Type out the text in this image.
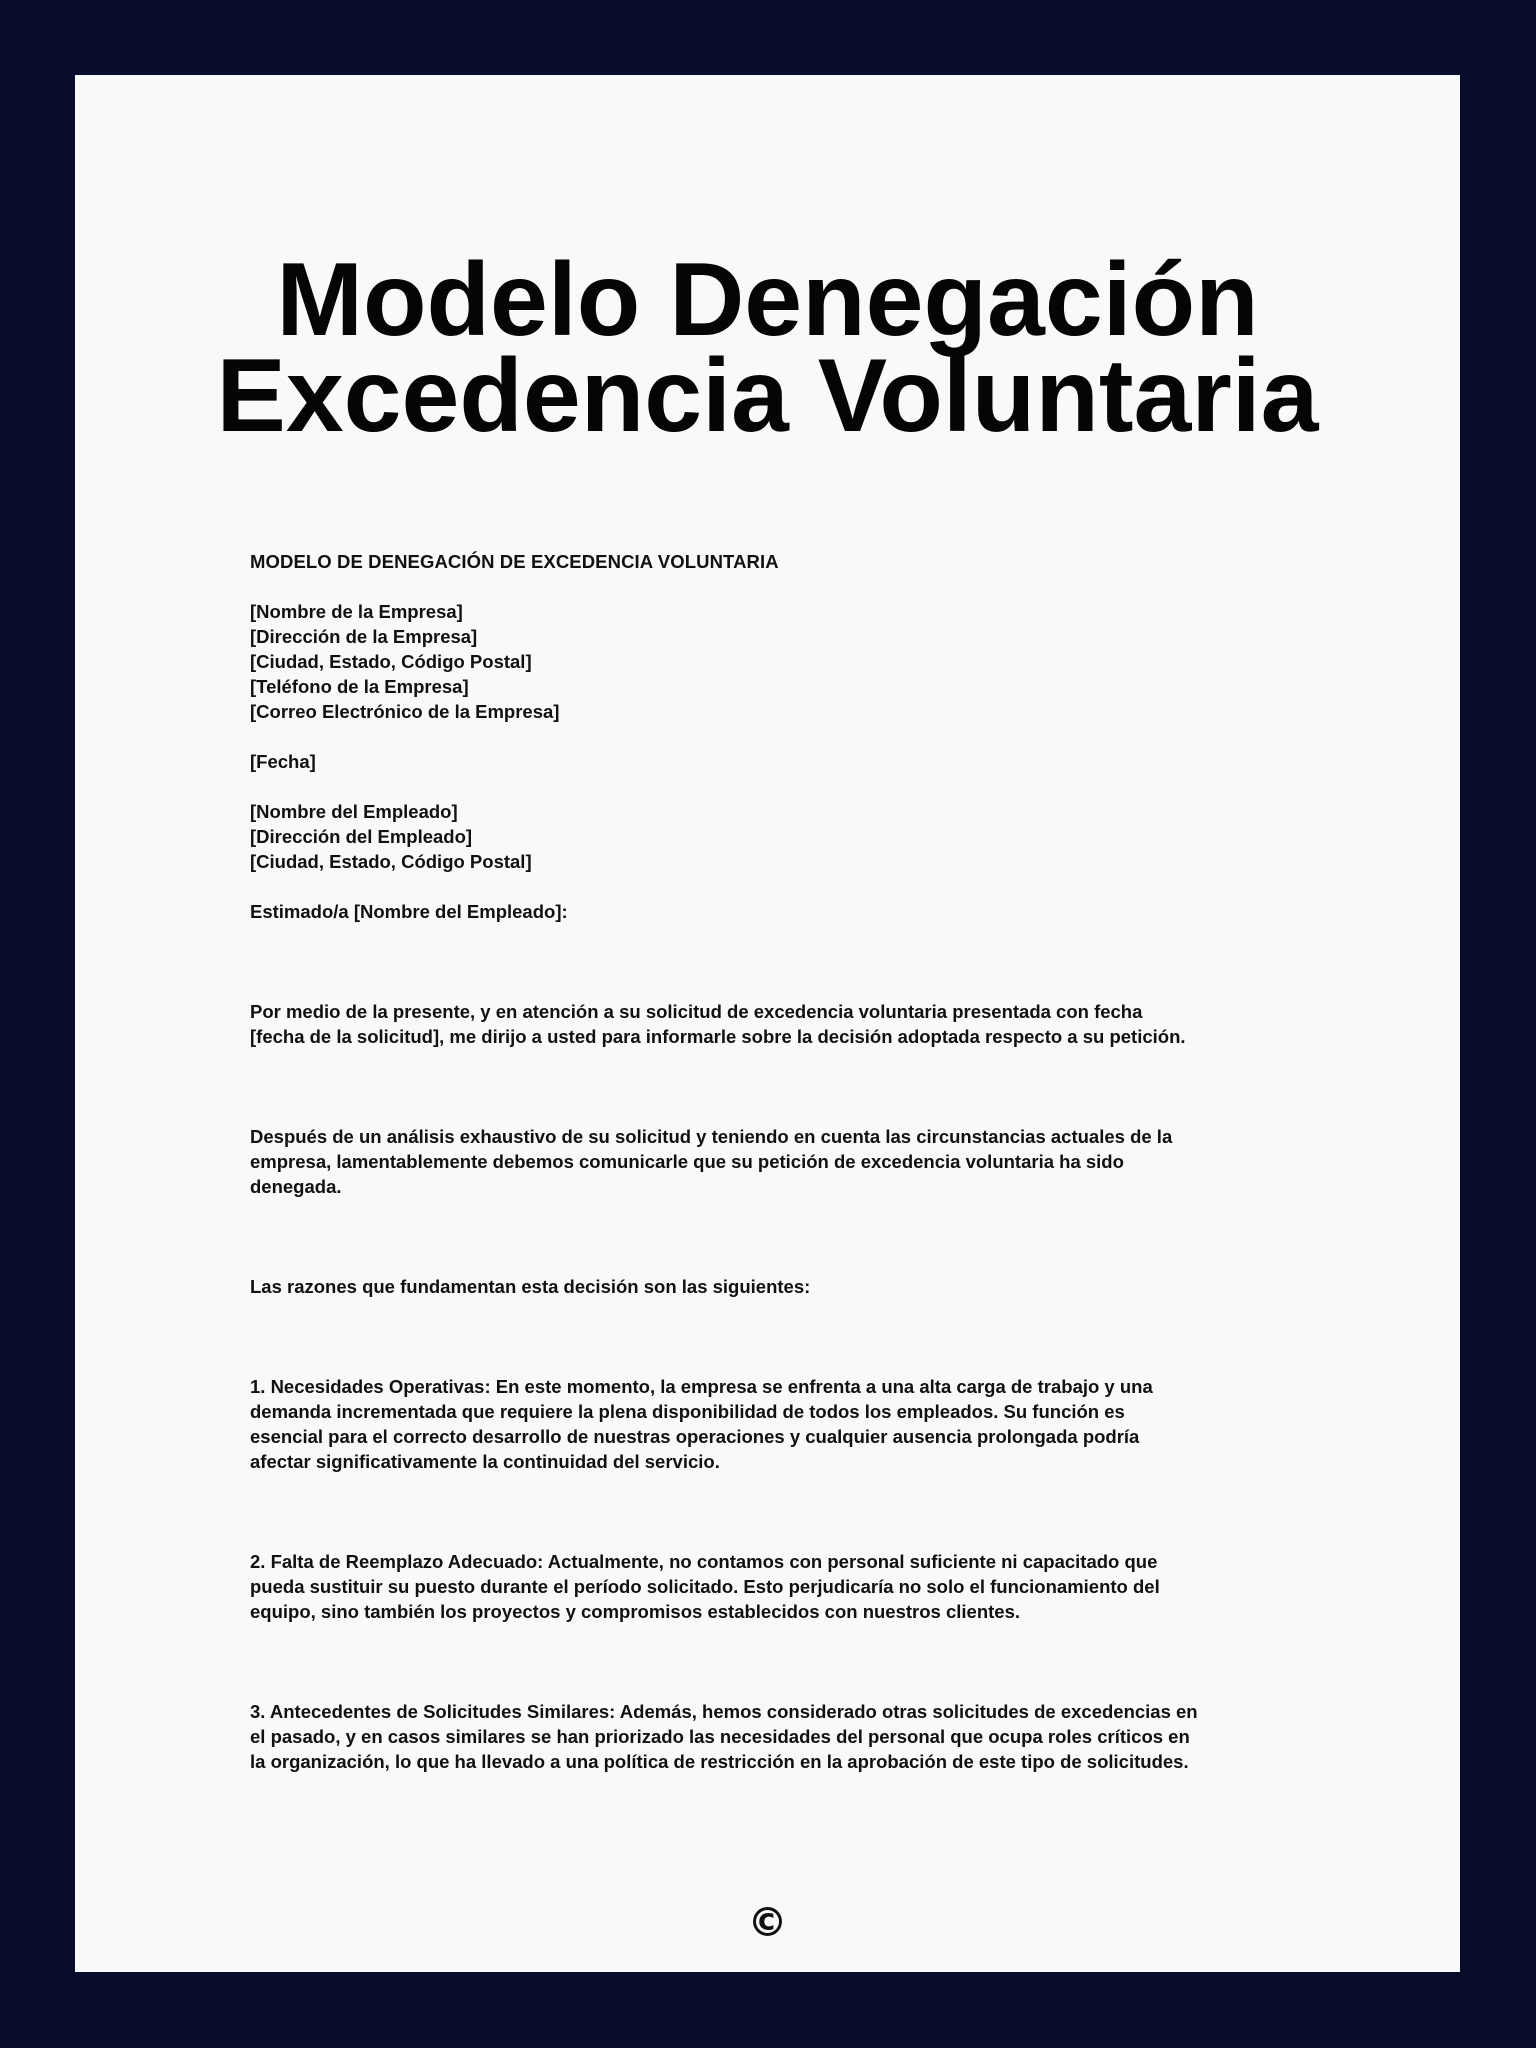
Modelo Denegación
Excedencia Voluntaria
MODELO DE DENEGACIÓN DE EXCEDENCIA VOLUNTARIA
[Nombre de la Empresa]
[Dirección de la Empresa]
[Ciudad, Estado, Código Postal]
[Teléfono de la Empresa]
[Correo Electrónico de la Empresa]
[Fecha]
[Nombre del Empleado]
[Dirección del Empleado]
[Ciudad, Estado, Código Postal]
Estimado/a [Nombre del Empleado]:
Por medio de la presente, y en atención a su solicitud de excedencia voluntaria presentada con fecha
[fecha de la solicitud], me dirijo a usted para informarle sobre la decisión adoptada respecto a su petición.
Después de un análisis exhaustivo de su solicitud y teniendo en cuenta las circunstancias actuales de la
empresa, lamentablemente debemos comunicarle que su petición de excedencia voluntaria ha sido
denegada.
Las razones que fundamentan esta decisión son las siguientes:
1. Necesidades Operativas: En este momento, la empresa se enfrenta a una alta carga de trabajo y una
demanda incrementada que requiere la plena disponibilidad de todos los empleados. Su función es
esencial para el correcto desarrollo de nuestras operaciones y cualquier ausencia prolongada podría
afectar significativamente la continuidad del servicio.
2. Falta de Reemplazo Adecuado: Actualmente, no contamos con personal suficiente ni capacitado que
pueda sustituir su puesto durante el período solicitado. Esto perjudicaría no solo el funcionamiento del
equipo, sino también los proyectos y compromisos establecidos con nuestros clientes.
3. Antecedentes de Solicitudes Similares: Además, hemos considerado otras solicitudes de excedencias en
el pasado, y en casos similares se han priorizado las necesidades del personal que ocupa roles críticos en
la organización, lo que ha llevado a una política de restricción en la aprobación de este tipo de solicitudes.
©
